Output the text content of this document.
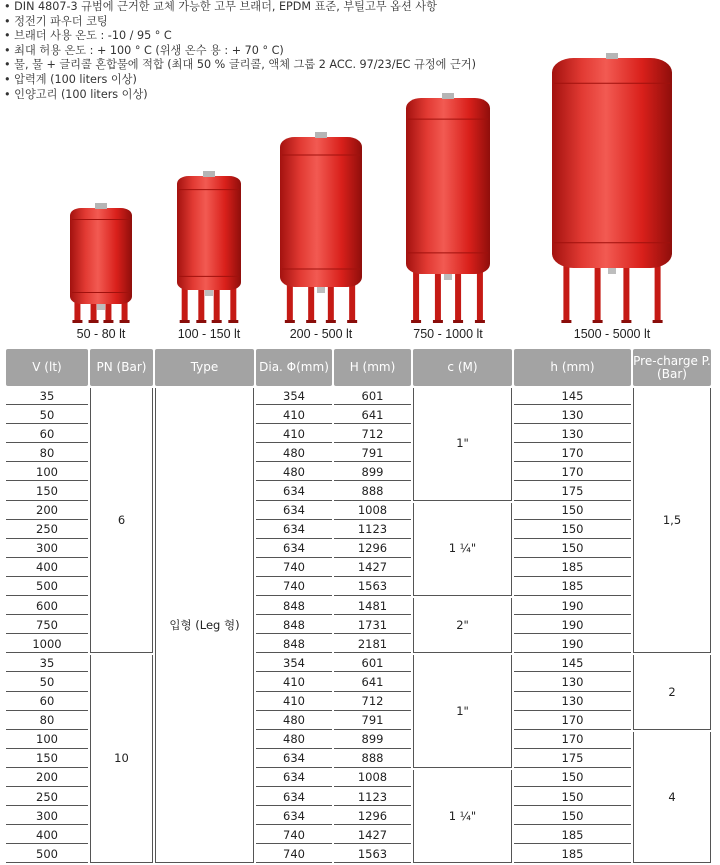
• DIN 4807-3 규범에 근거한 교체 가능한 고무 브래더, EPDM 표준, 부틸고무 옵션 사항
• 정전기 파우더 코팅
• 브래더 사용 온도 : -10 / 95 ° C
• 최대 허용 온도 : + 100 ° C (위생 온수 용 : + 70 ° C)
• 물, 물 + 글리콜 혼합물에 적합 (최대 50 % 글리콜, 액체 그룹 2 ACC. 97/23/EC 규정에 근거)
• 압력계 (100 liters 이상)
• 인양고리 (100 liters 이상)
50 - 80 lt	100 - 150 lt	200 - 500 lt	750 - 1000 lt	1500 - 5000 lt
V (lt)	PN (Bar)	Type	Dia. Φ(mm)	H (mm)	c (M)	h (mm)	Pre-charge P. (Bar)
35	6	입형 (Leg 형)	354	601	1"	145	1,5
50			410	641		130	
60			410	712		130	
80			480	791		170	
100			480	899		170	
150			634	888		175	
200			634	1008	1 ¼"	150	
250			634	1123		150	
300			634	1296		150	
400			740	1427		185	
500			740	1563		185	
600			848	1481	2"	190	
750			848	1731		190	
1000			848	2181		190	
35	10		354	601	1"	145	2
50			410	641		130	
60			410	712		130	
80			480	791		170	
100			480	899		170	4
150			634	888		175	
200			634	1008	1 ¼"	150	
250			634	1123		150	
300			634	1296		150	
400			740	1427		185	
500			740	1563		185	
